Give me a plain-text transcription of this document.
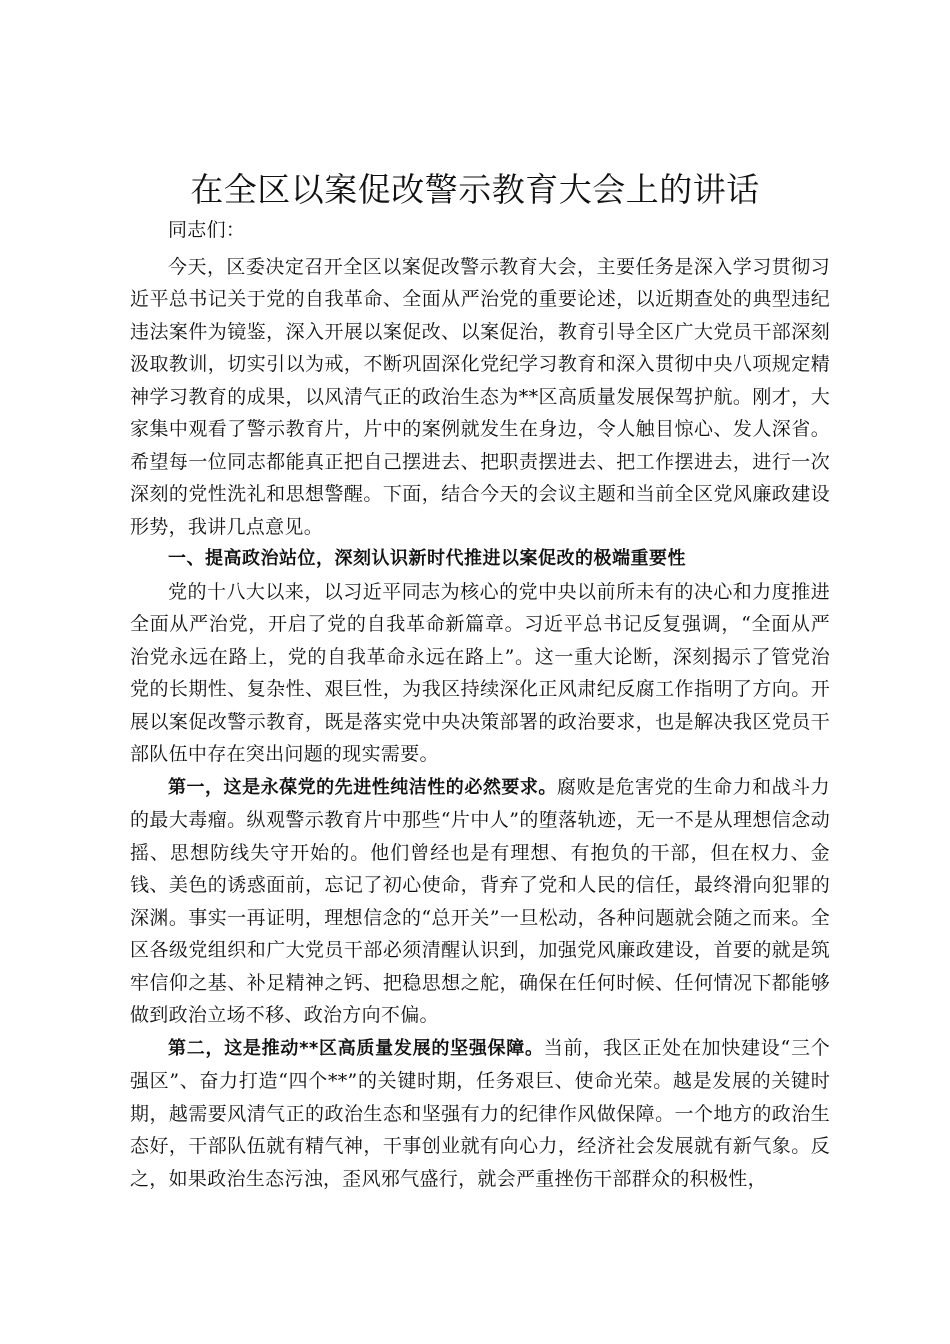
在全区以案促改警示教育大会上的讲话

同志们：

今天，区委决定召开全区以案促改警示教育大会，主要任务是深入学习贯彻习近平总书记关于党的自我革命、全面从严治党的重要论述，以近期查处的典型违纪违法案件为镜鉴，深入开展以案促改、以案促治，教育引导全区广大党员干部深刻汲取教训，切实引以为戒，不断巩固深化党纪学习教育和深入贯彻中央八项规定精神学习教育的成果，以风清气正的政治生态为**区高质量发展保驾护航。刚才，大家集中观看了警示教育片，片中的案例就发生在身边，令人触目惊心、发人深省。希望每一位同志都能真正把自己摆进去、把职责摆进去、把工作摆进去，进行一次深刻的党性洗礼和思想警醒。下面，结合今天的会议主题和当前全区党风廉政建设形势，我讲几点意见。

一、提高政治站位，深刻认识新时代推进以案促改的极端重要性

党的十八大以来，以习近平同志为核心的党中央以前所未有的决心和力度推进全面从严治党，开启了党的自我革命新篇章。习近平总书记反复强调，“全面从严治党永远在路上，党的自我革命永远在路上”。这一重大论断，深刻揭示了管党治党的长期性、复杂性、艰巨性，为我区持续深化正风肃纪反腐工作指明了方向。开展以案促改警示教育，既是落实党中央决策部署的政治要求，也是解决我区党员干部队伍中存在突出问题的现实需要。

第一，这是永葆党的先进性纯洁性的必然要求。腐败是危害党的生命力和战斗力的最大毒瘤。纵观警示教育片中那些“片中人”的堕落轨迹，无一不是从理想信念动摇、思想防线失守开始的。他们曾经也是有理想、有抱负的干部，但在权力、金钱、美色的诱惑面前，忘记了初心使命，背弃了党和人民的信任，最终滑向犯罪的深渊。事实一再证明，理想信念的“总开关”一旦松动，各种问题就会随之而来。全区各级党组织和广大党员干部必须清醒认识到，加强党风廉政建设，首要的就是筑牢信仰之基、补足精神之钙、把稳思想之舵，确保在任何时候、任何情况下都能够做到政治立场不移、政治方向不偏。

第二，这是推动**区高质量发展的坚强保障。当前，我区正处在加快建设“三个强区”、奋力打造“四个**”的关键时期，任务艰巨、使命光荣。越是发展的关键时期，越需要风清气正的政治生态和坚强有力的纪律作风做保障。一个地方的政治生态好，干部队伍就有精气神，干事创业就有向心力，经济社会发展就有新气象。反之，如果政治生态污浊，歪风邪气盛行，就会严重挫伤干部群众的积极性，
